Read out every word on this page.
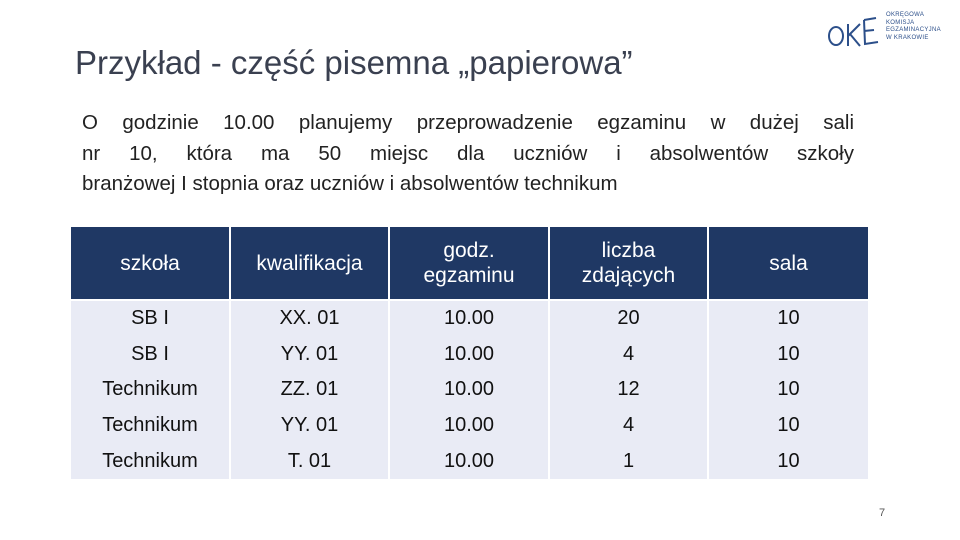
Przykład - część pisemna „papierowa”
OKRĘGOWA
KOMISJA
EGZAMINACYJNA
W KRAKOWIE
O godzinie 10.00 planujemy przeprowadzenie egzaminu w dużej sali
nr 10, która ma 50 miejsc dla uczniów i absolwentów szkoły
branżowej I stopnia oraz uczniów i absolwentów technikum
szkoła	kwalifikacja	godz. egzaminu	liczba zdających	sala
SB I	XX. 01	10.00	20	10
SB I	YY. 01	10.00	4	10
Technikum	ZZ. 01	10.00	12	10
Technikum	YY. 01	10.00	4	10
Technikum	T. 01	10.00	1	10
7
